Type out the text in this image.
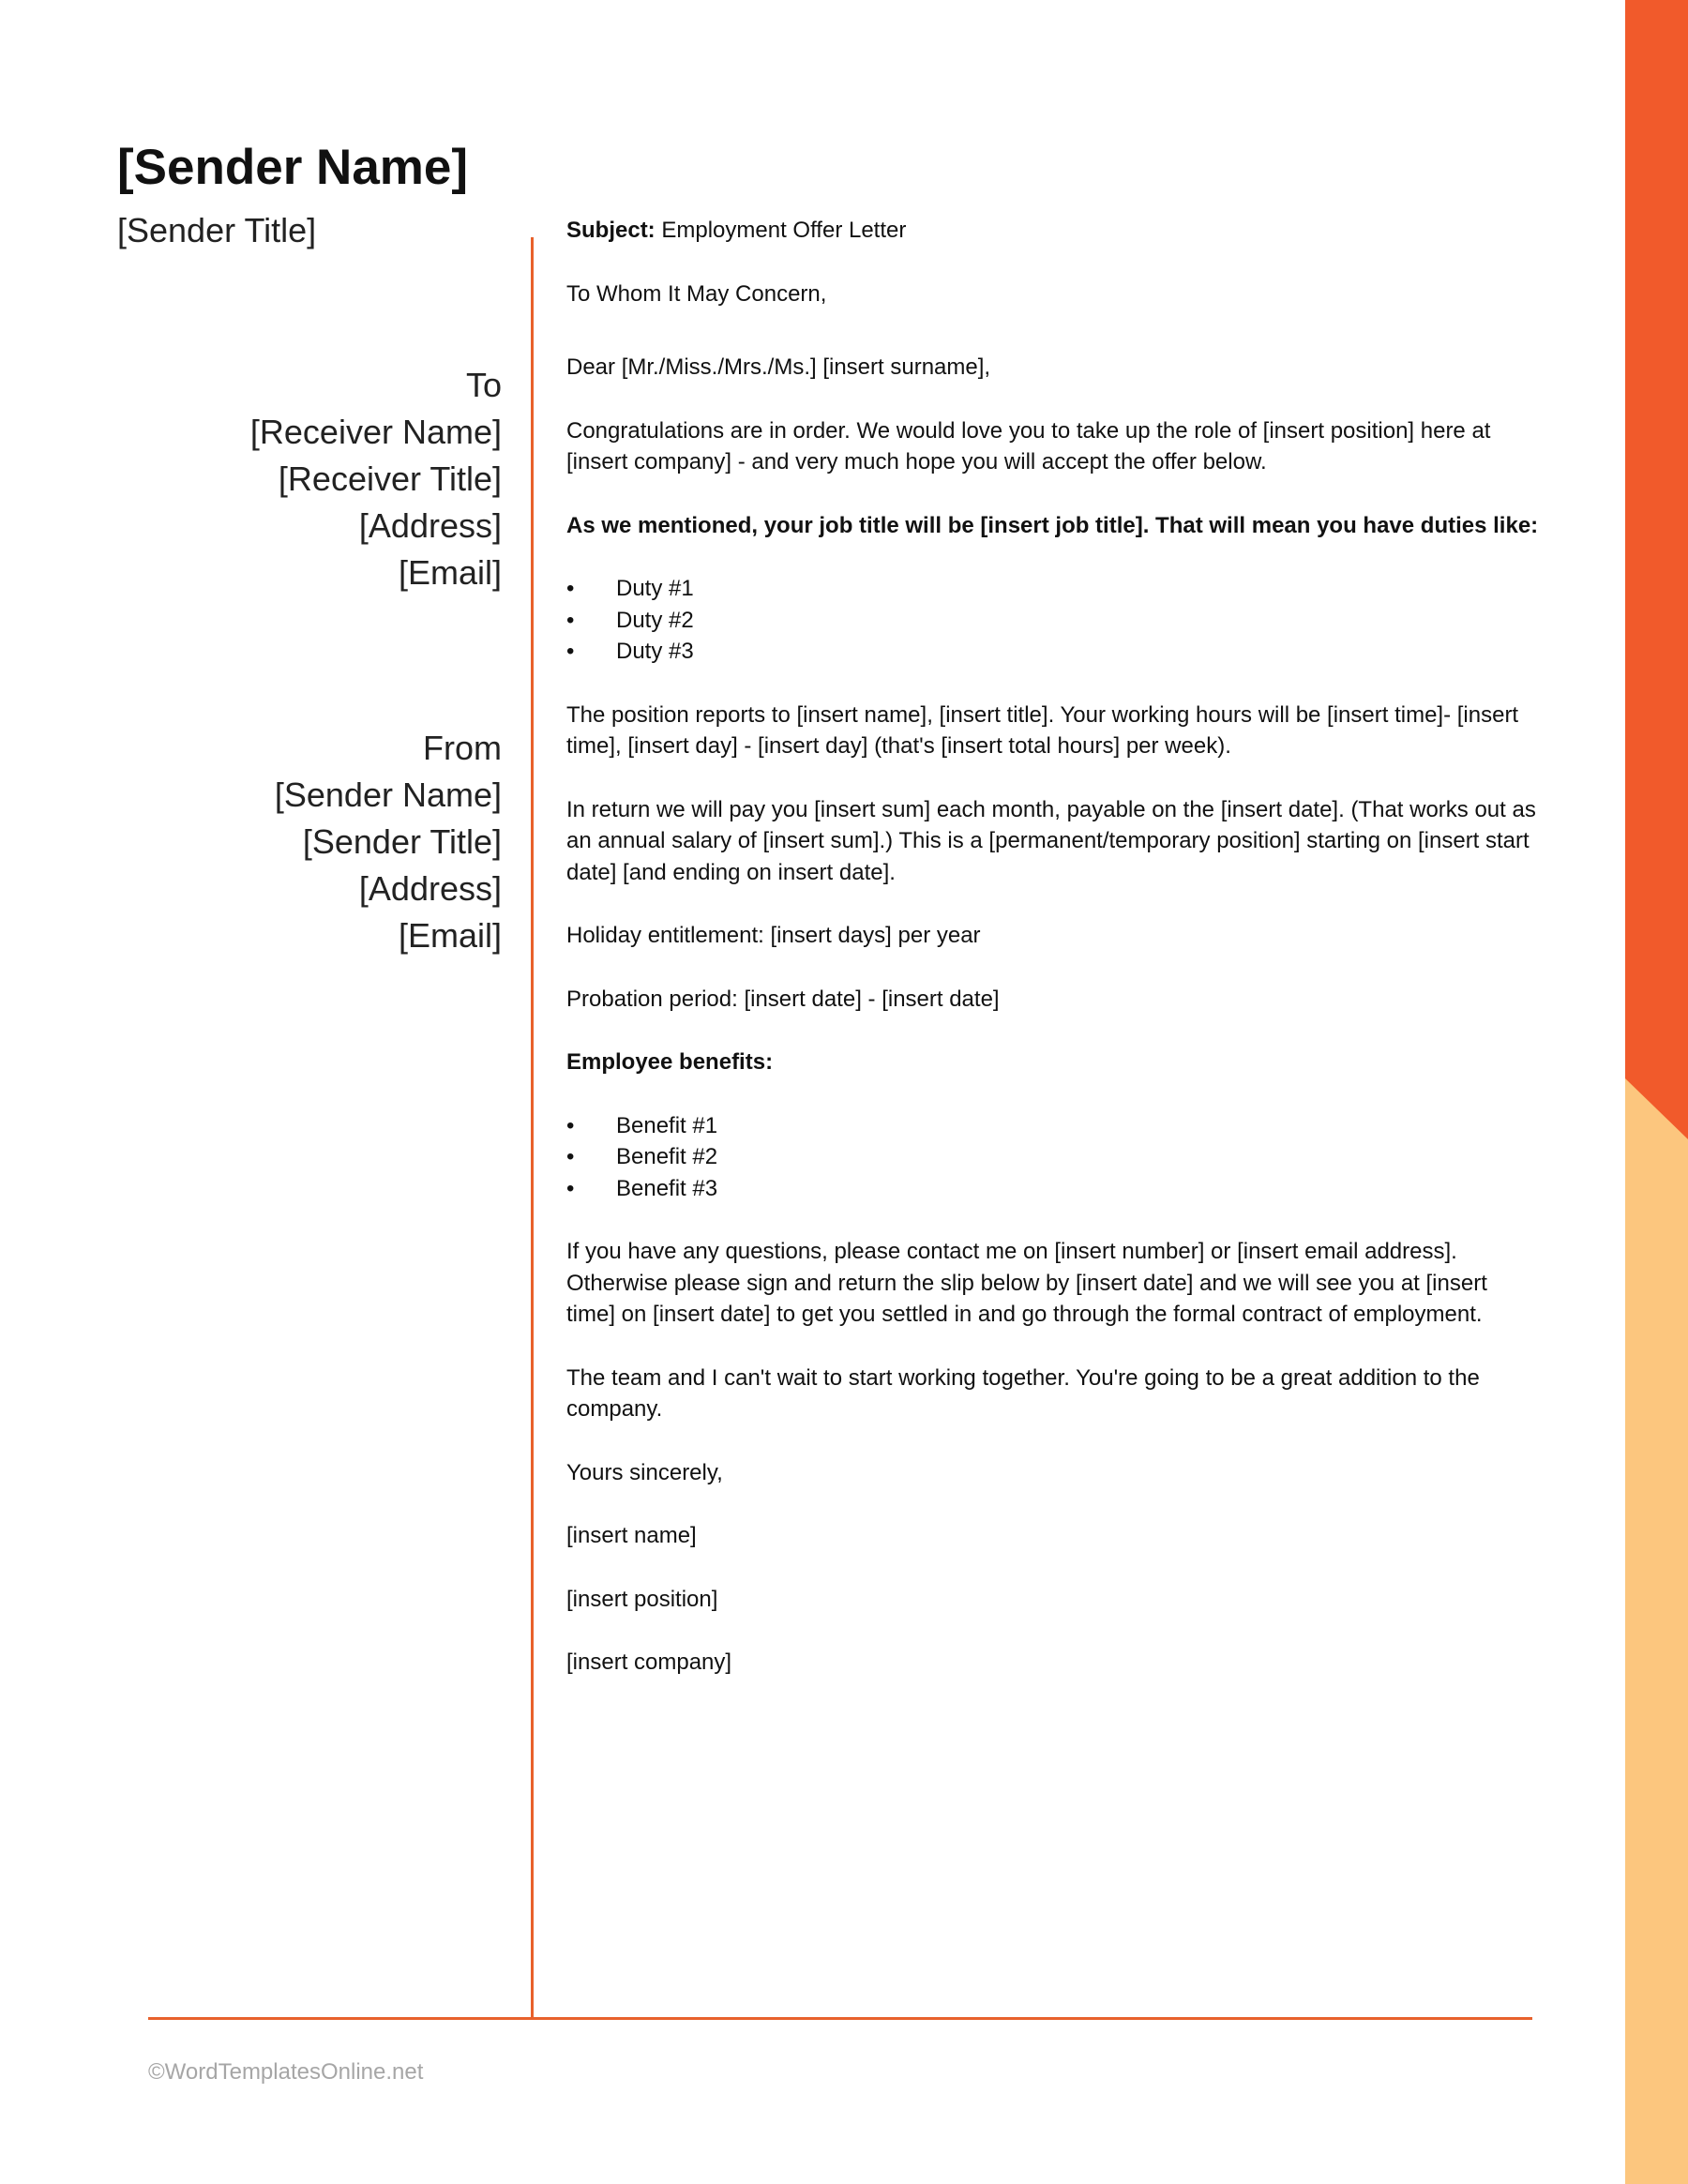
[Sender Name]
[Sender Title]
To
[Receiver Name]
[Receiver Title]
[Address]
[Email]
From
[Sender Name]
[Sender Title]
[Address]
[Email]

Subject: Employment Offer Letter

To Whom It May Concern,

Dear [Mr./Miss./Mrs./Ms.] [insert surname],

Congratulations are in order. We would love you to take up the role of [insert position] here at [insert company] - and very much hope you will accept the offer below.

As we mentioned, your job title will be [insert job title]. That will mean you have duties like:

• Duty #1
• Duty #2
• Duty #3

The position reports to [insert name], [insert title]. Your working hours will be [insert time]- [insert time], [insert day] - [insert day] (that's [insert total hours] per week).

In return we will pay you [insert sum] each month, payable on the [insert date]. (That works out as an annual salary of [insert sum].) This is a [permanent/temporary position] starting on [insert start date] [and ending on insert date].

Holiday entitlement: [insert days] per year

Probation period: [insert date] - [insert date]

Employee benefits:

• Benefit #1
• Benefit #2
• Benefit #3

If you have any questions, please contact me on [insert number] or [insert email address]. Otherwise please sign and return the slip below by [insert date] and we will see you at [insert time] on [insert date] to get you settled in and go through the formal contract of employment.

The team and I can't wait to start working together. You're going to be a great addition to the company.

Yours sincerely,

[insert name]

[insert position]

[insert company]

©WordTemplatesOnline.net
